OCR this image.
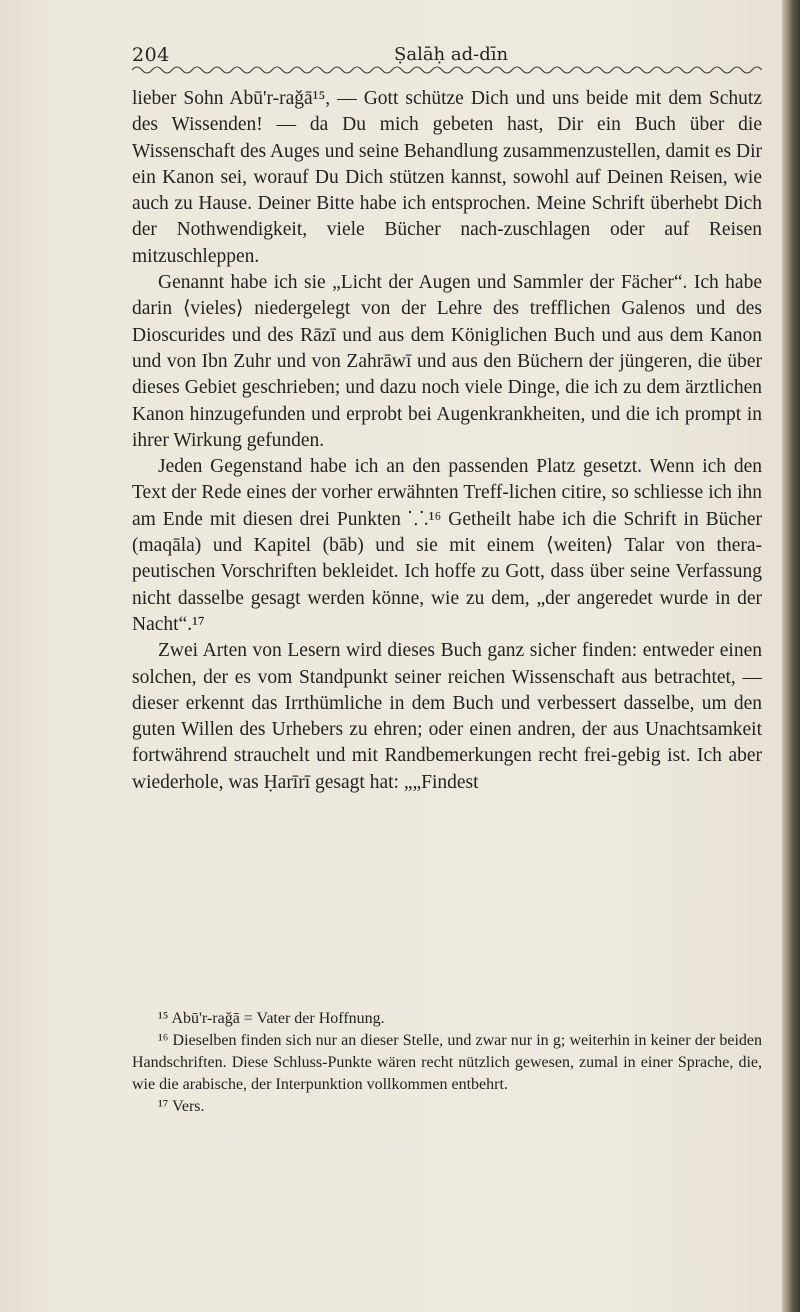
204	Ṣalāḥ ad-dīn

lieber Sohn Abū'r-raǧā¹⁵, — Gott schütze Dich und uns beide mit dem Schutz des Wissenden! — da Du mich gebeten hast, Dir ein Buch über die Wissenschaft des Auges und seine Behandlung zusammenzustellen, damit es Dir ein Kanon sei, worauf Du Dich stützen kannst, sowohl auf Deinen Reisen, wie auch zu Hause. Deiner Bitte habe ich entsprochen. Meine Schrift überhebt Dich der Nothwendigkeit, viele Bücher nach-zuschlagen oder auf Reisen mitzuschleppen.

Genannt habe ich sie „Licht der Augen und Sammler der Fächer“. Ich habe darin ⟨vieles⟩ niedergelegt von der Lehre des trefflichen Galenos und des Dioscurides und des Rāzī und aus dem Königlichen Buch und aus dem Kanon und von Ibn Zuhr und von Zahrāwī und aus den Büchern der jüngeren, die über dieses Gebiet geschrieben; und dazu noch viele Dinge, die ich zu dem ärztlichen Kanon hinzugefunden und erprobt bei Augenkrankheiten, und die ich prompt in ihrer Wirkung gefunden.

Jeden Gegenstand habe ich an den passenden Platz gesetzt. Wenn ich den Text der Rede eines der vorher erwähnten Treff-lichen citire, so schliesse ich ihn am Ende mit diesen drei Punkten ⸪.¹⁶ Getheilt habe ich die Schrift in Bücher (maqāla) und Kapitel (bāb) und sie mit einem ⟨weiten⟩ Talar von thera-peutischen Vorschriften bekleidet. Ich hoffe zu Gott, dass über seine Verfassung nicht dasselbe gesagt werden könne, wie zu dem, „der angeredet wurde in der Nacht“.¹⁷

Zwei Arten von Lesern wird dieses Buch ganz sicher finden: entweder einen solchen, der es vom Standpunkt seiner reichen Wissenschaft aus betrachtet, — dieser erkennt das Irrthümliche in dem Buch und verbessert dasselbe, um den guten Willen des Urhebers zu ehren; oder einen andren, der aus Unachtsamkeit fortwährend strauchelt und mit Randbemerkungen recht frei-gebig ist. Ich aber wiederhole, was Ḥarīrī gesagt hat: „„Findest

¹⁵ Abū'r-raǧā = Vater der Hoffnung.

¹⁶ Dieselben finden sich nur an dieser Stelle, und zwar nur in g; weiterhin in keiner der beiden Handschriften. Diese Schluss-Punkte wären recht nützlich gewesen, zumal in einer Sprache, die, wie die arabische, der Interpunktion vollkommen entbehrt.

¹⁷ Vers.
